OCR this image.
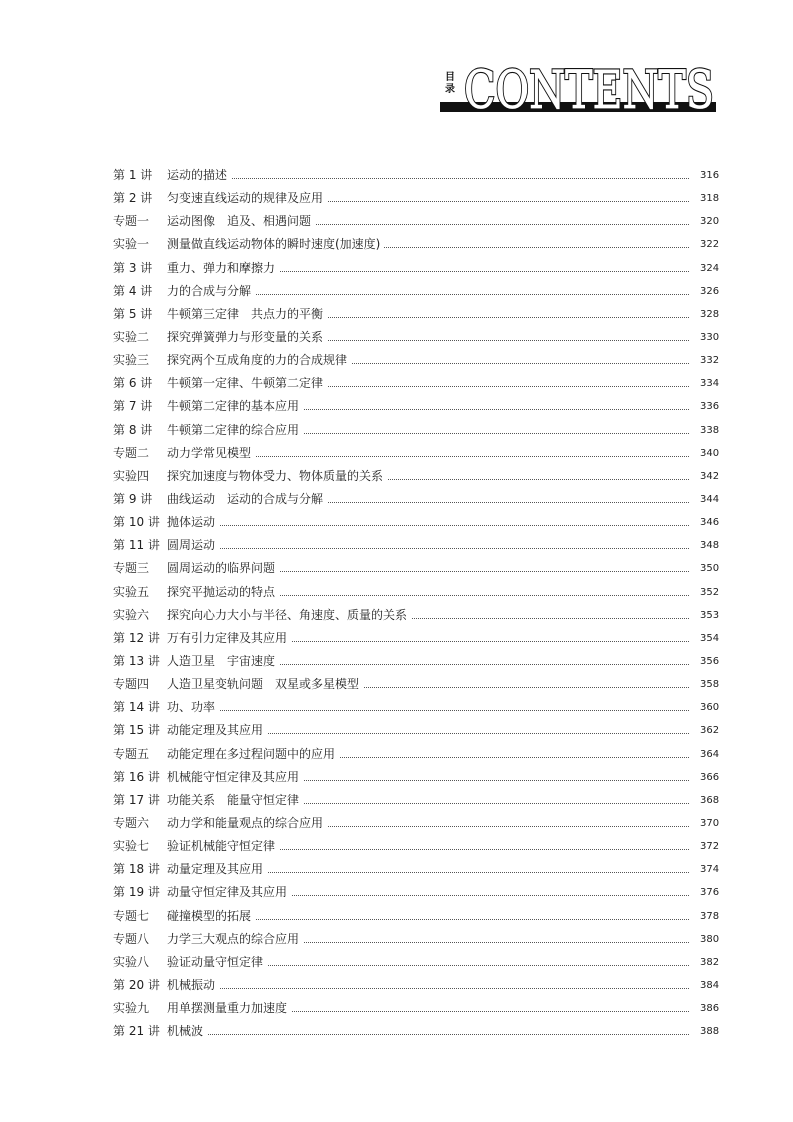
CONTENTS
CONTENTS
目
录
第 1 讲 运动的描述	316
第 2 讲 匀变速直线运动的规律及应用	318
专题一 运动图像　追及、相遇问题	320
实验一 测量做直线运动物体的瞬时速度(加速度)	322
第 3 讲 重力、弹力和摩擦力	324
第 4 讲 力的合成与分解	326
第 5 讲 牛顿第三定律　共点力的平衡	328
实验二 探究弹簧弹力与形变量的关系	330
实验三 探究两个互成角度的力的合成规律	332
第 6 讲 牛顿第一定律、牛顿第二定律	334
第 7 讲 牛顿第二定律的基本应用	336
第 8 讲 牛顿第二定律的综合应用	338
专题二 动力学常见模型	340
实验四 探究加速度与物体受力、物体质量的关系	342
第 9 讲 曲线运动　运动的合成与分解	344
第 10 讲 抛体运动	346
第 11 讲 圆周运动	348
专题三 圆周运动的临界问题	350
实验五 探究平抛运动的特点	352
实验六 探究向心力大小与半径、角速度、质量的关系	353
第 12 讲 万有引力定律及其应用	354
第 13 讲 人造卫星　宇宙速度	356
专题四 人造卫星变轨问题　双星或多星模型	358
第 14 讲 功、功率	360
第 15 讲 动能定理及其应用	362
专题五 动能定理在多过程问题中的应用	364
第 16 讲 机械能守恒定律及其应用	366
第 17 讲 功能关系　能量守恒定律	368
专题六 动力学和能量观点的综合应用	370
实验七 验证机械能守恒定律	372
第 18 讲 动量定理及其应用	374
第 19 讲 动量守恒定律及其应用	376
专题七 碰撞模型的拓展	378
专题八 力学三大观点的综合应用	380
实验八 验证动量守恒定律	382
第 20 讲 机械振动	384
实验九 用单摆测量重力加速度	386
第 21 讲 机械波	388
